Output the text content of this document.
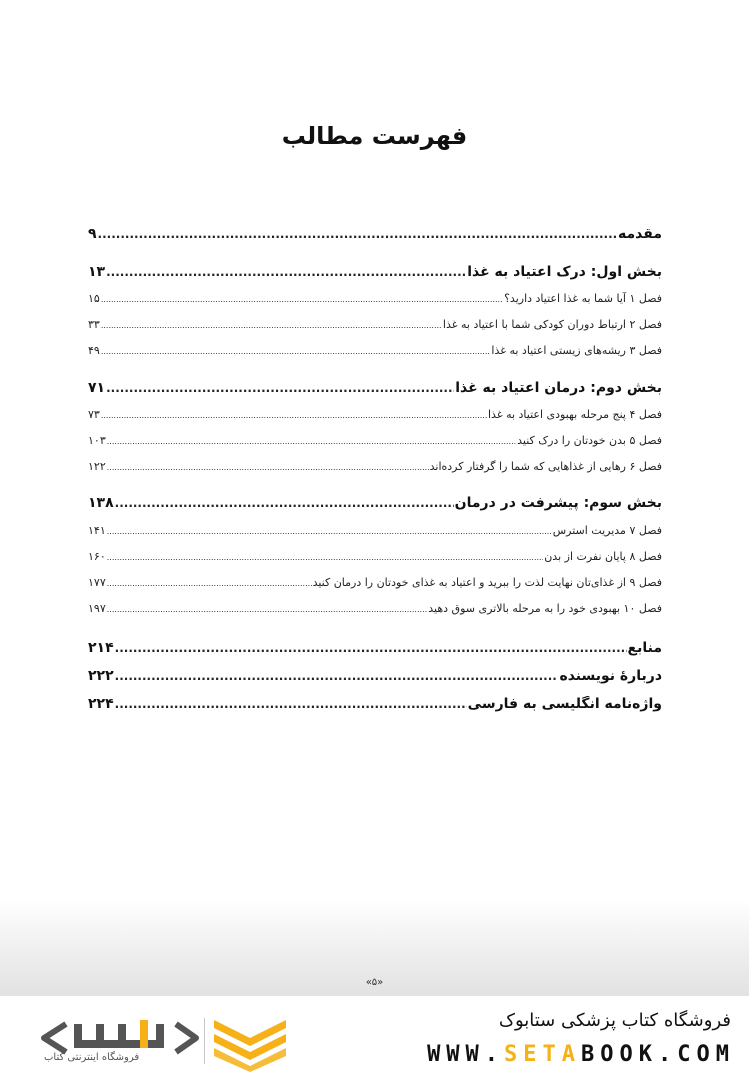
فهرست مطالب
مقدمه
.....
۹
بخش اول: درک اعتیاد به غذا
.....
۱۳
فصل ۱ آیا شما به غذا اعتیاد دارید؟
.....
۱۵
فصل ۲ ارتباط دوران کودکی شما با اعتیاد به غذا
.....
۳۳
فصل ۳ ریشه‌های زیستی اعتیاد به غذا
.....
۴۹
بخش دوم: درمان اعتیاد به غذا
.....
۷۱
فصل ۴ پنج مرحله بهبودی اعتیاد به غذا
.....
۷۳
فصل ۵ بدن خودتان را درک کنید
.....
۱۰۳
فصل ۶ رهایی از غذاهایی که شما را گرفتار کرده‌اند
.....
۱۲۲
بخش سوم: پیشرفت در درمان
.....
۱۳۸
فصل ۷ مدیریت استرس
.....
۱۴۱
فصل ۸ پایان نفرت از بدن
.....
۱۶۰
فصل ۹ از غذای‌تان نهایت لذت را ببرید و اعتیاد به غذای خودتان را درمان کنید
.....
۱۷۷
فصل ۱۰ بهبودی خود را به مرحله بالاتری سوق دهید
.....
۱۹۷
منابع
.....
۲۱۴
دربارهٔ نویسنده
.....
۲۲۲
واژه‌نامه انگلیسی به فارسی
.....
۲۲۴
«۵»
فروشگاه اینترنتی کتاب
فروشگاه کتاب پزشکی ستابوک
WWW.SETABOOK.COM
